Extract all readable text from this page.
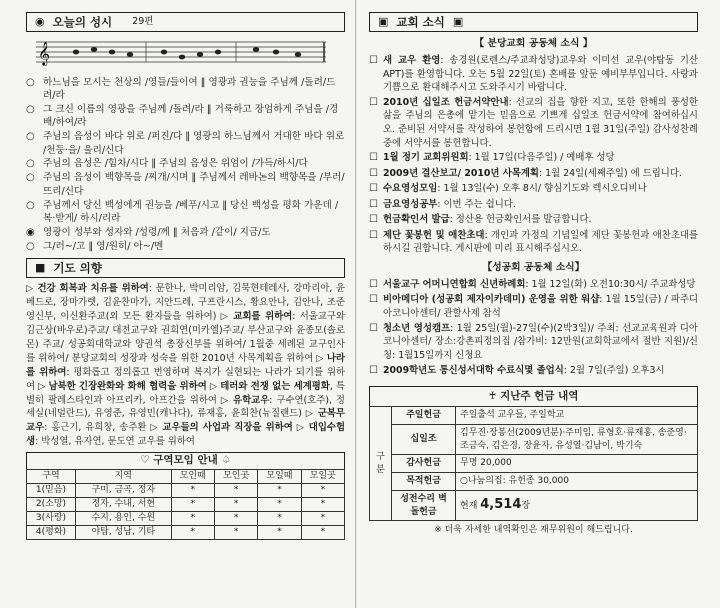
◉ 오늘의 성시 29편
𝄞
○ 하느님을 모시는 천상의 /영들/들이여 ‖ 영광과 권능을 주님께 /돌려/드려/라
○ 그 크신 이름의 영광을 주님께 /돌려/라 ‖ 거룩하고 장엄하게 주님을 /경배/하여/라
○ 주님의 음성이 바다 위로 /퍼진/다 ‖ 영광의 하느님께서 거대한 바다 위로 /천둥·을/ 울리/신다
○ 주님의 음성은 /힘차/시다 ‖ 주님의 음성은 위엄이 /가득/하시/다
○ 주님의 음성이 백향목을 /찌개/시며 ‖ 주님께서 레바논의 백향목을 /부러/뜨리/신다
○ 주님께서 당신 백성에게 권능을 /베푸/시고 ‖ 당신 백성을 평화 가운데 /복·받게/ 하시/리라
◉ 영광이 성부와 성자와 /성령/께 ‖ 처음과 /같이/ 지금/도
○ 그/러~/고 ‖ 영/원히/ 아~/멘
■ 기도 의향
▷ 건강 회복과 치유를 위하여: 문한나, 박미리암, 김묵현테레사, 강마리아, 윤베드로, 장마가렛, 김윤찬마가, 지안드레, 구프란시스, 황요안나, 김안나, 조준영신부, 이신환주교(외 모든 환자들을 위하여) ▷ 교회를 위하여: 서울교구와 김근상(바우로)주교/ 대전교구와 권희연(미카엘)주교/ 부산교구와 윤종모(솔로몬) 주교/ 성공회대학교와 양권석 총장신부를 위하여/ 1월중 세례된 교구인사를 위하여/ 분당교회의 성장과 성숙을 위한 2010년 사목계획을 위하여 ▷ 나라를 위하여: 평화롭고 정의롭고 번영하며 복지가 실현되는 나라가 되기를 위하여 ▷ 남북한 긴장완화와 화해 협력을 위하여 ▷ 테러와 전쟁 없는 세계평화, 특별히 팔레스타인과 아프리카, 아프간을 위하여 ▷ 유학교우: 구수연(호주), 정세실(네덜란드), 유영준, 유영민(캐나다), 류재홍, 윤희찬(뉴질랜드) ▷ 군복무교우: 홍근기, 유희창, 송주환 ▷ 교우들의 사업과 직장을 위하여 ▷ 대입수험생: 박성열, 유자연, 문도연 교우를 위하여
♡ 구역모임 안내 ♤
구역	지역	모인때	모인곳	모일때	모일곳
1(믿음)	구미, 금곡, 정자	*	*	*	*
2(소망)	정자, 수내, 서현	*	*	*	*
3(사랑)	수지, 용인, 수원	*	*	*	*
4(평화)	야탑, 성남, 기타	*	*	*	*
▣ 교회 소식 ▣
【 분당교회 공동체 소식 】
☐ 새 교우 환영: 송경원(로렌스/주교좌성당)교우와 이미선 교우(야탑동 기산APT)를 환영합니다. 오는 5월 22일(토) 혼배를 앞둔 예비부부입니다. 사랑과 기쁨으로 환대해주시고 도와주시기 바랍니다.
☐ 2010년 십일조 헌금서약안내: 선교의 집을 향한 지고, 또한 한해의 풍성한 삶을 주님의 은총에 맡기는 믿음으로 기쁘게 십일조 헌금서약에 참여하십시오. 준비된 서약서를 작성하여 봉헌함에 드리시면 1월 31일(주일) 감사성찬례 중에 서약서를 봉헌합니다.
☐ 1월 정기 교회위원회: 1월 17일(다음주일) / 예배후 성당
☐ 2009년 결산보고/ 2010년 사목계획: 1월 24일(세째주일) 에 드립니다.
☐ 수요영성모임: 1월 13일(수) 오후 8시/ 향심기도와 렉시오디비나
☐ 금요영성공부: 이번 주는 쉽니다.
☐ 헌금확인서 발급: 정산용 헌금확인서를 발급합니다.
☐ 제단 꽃봉헌 및 애찬초대: 개인과 가정의 기념일에 제단 꽃봉헌과 애찬초대를 하시길 권합니다. 게시판에 미리 표시해주십시오.
【성공회 공동체 소식】
☐ 서울교구 어머니연합회 신년하례회: 1월 12일(화) 오전10:30시/ 주교좌성당
☐ 비아메디아 (성공회 제자이카데미) 운영을 위한 워샵: 1월 15일(금) / 파주디아코니아센터/ 관할사제 참석
☐ 청소년 영성캠프: 1월 25일(월)-27일(수)(2박3일)/ 주최: 선교교육원과 디아코니아센터/ 장소:강촌피정의집 /참가비: 12만원(교회학교에서 절반 지원)/신청: 1월15일까지 신청요
☐ 2009학년도 통신성서대학 수료식몇 졸업식: 2월 7일(주일) 오후3시
♰ 지난주 헌금 내역
구분	주일헌금	주일출석 교우들, 주일학교
	십일조	김무진·장봉선(2009년분)·주미임, 류형호·류재홍, 송준영·조금숙, 김은경, 장윤자, 유성열·김남이, 박기숙
	감사헌금	무명 20,000
	목적헌금	○나눔의집: 유헌종 30,000
	성전수리 벽돌헌금	현재 4,514장
※ 더욱 자세한 내역확인은 재무위원이 해드립니다.
